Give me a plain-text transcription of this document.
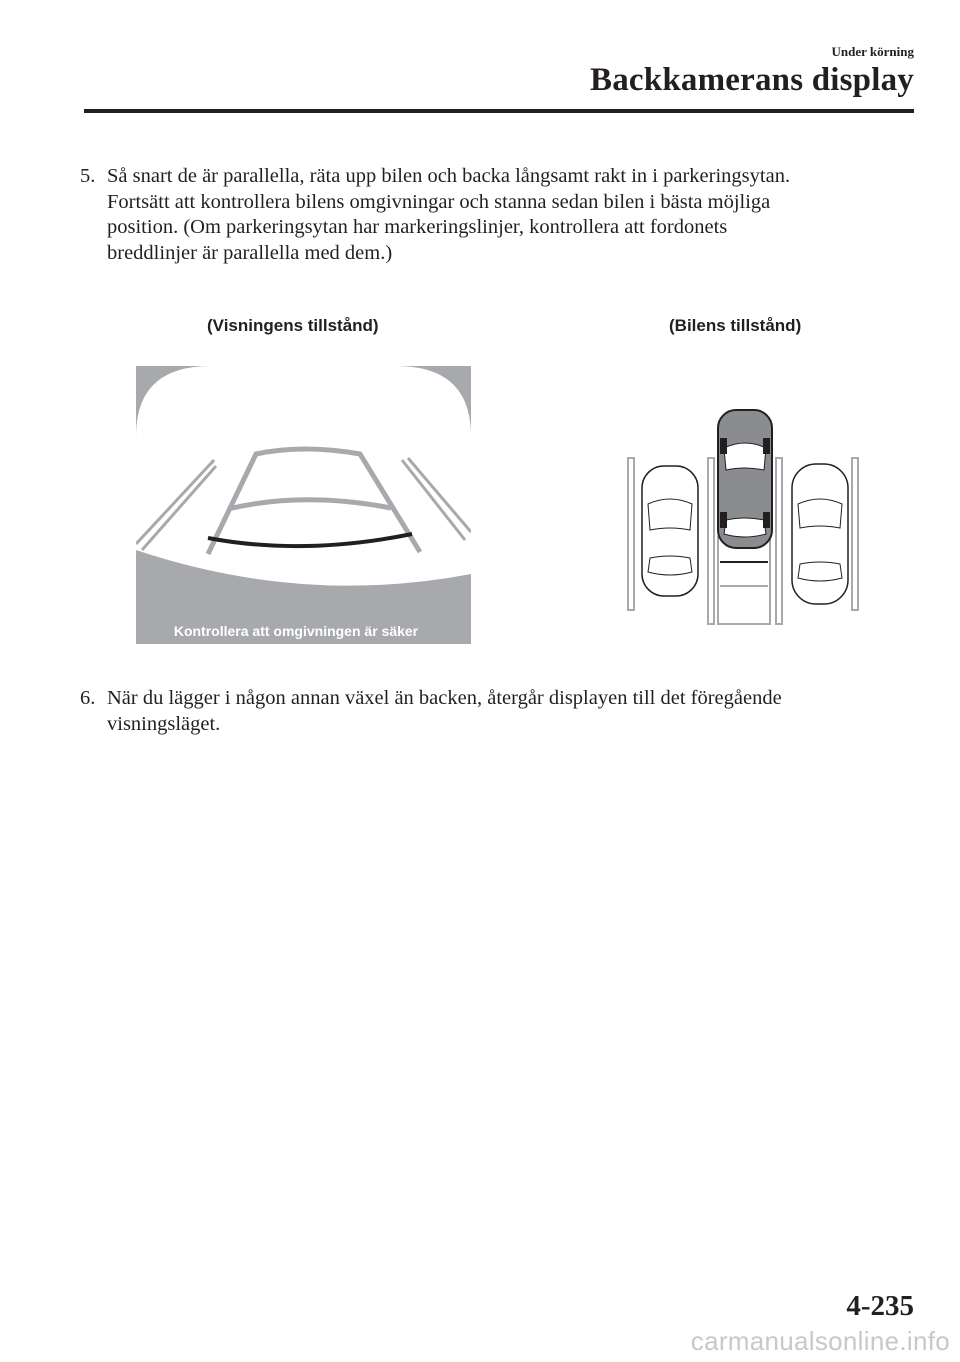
Under körning
Backkamerans display
5. Så snart de är parallella, räta upp bilen och backa långsamt rakt in i parkeringsytan.
Fortsätt att kontrollera bilens omgivningar och stanna sedan bilen i bästa möjliga
position. (Om parkeringsytan har markeringslinjer, kontrollera att fordonets
breddlinjer är parallella med dem.)
(Visningens tillstånd)	(Bilens tillstånd)
Kontrollera att omgivningen är säker
6. När du lägger i någon annan växel än backen, återgår displayen till det föregående
visningsläget.
4-235
carmanualsonline.info
